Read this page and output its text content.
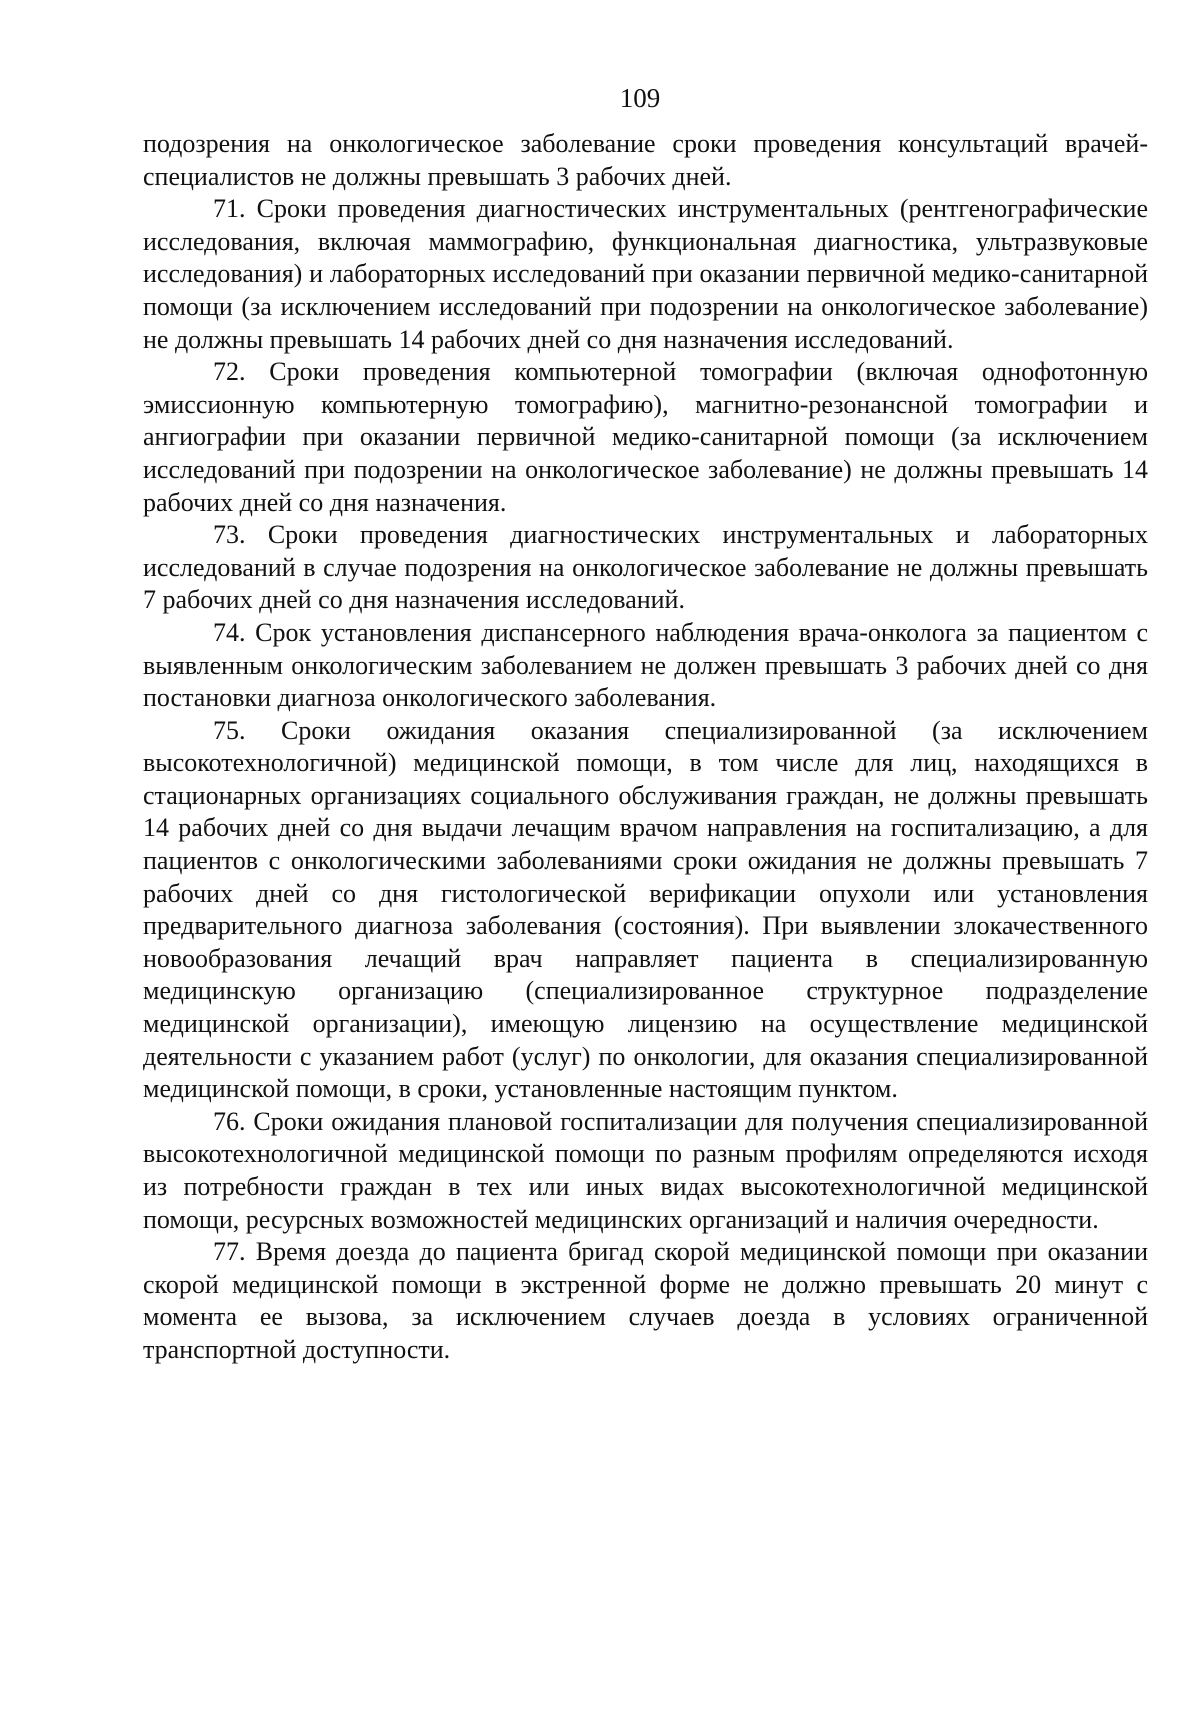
109

подозрения на онкологическое заболевание сроки проведения консультаций врачей-специалистов не должны превышать 3 рабочих дней.

71. Сроки проведения диагностических инструментальных (рентгенографические исследования, включая маммографию, функциональная диагностика, ультразвуковые исследования) и лабораторных исследований при оказании первичной медико-санитарной помощи (за исключением исследований при подозрении на онкологическое заболевание) не должны превышать 14 рабочих дней со дня назначения исследований.

72. Сроки проведения компьютерной томографии (включая однофотонную эмиссионную компьютерную томографию), магнитно-резонансной томографии и ангиографии при оказании первичной медико-санитарной помощи (за исключением исследований при подозрении на онкологическое заболевание) не должны превышать 14 рабочих дней со дня назначения.

73. Сроки проведения диагностических инструментальных и лабораторных исследований в случае подозрения на онкологическое заболевание не должны превышать 7 рабочих дней со дня назначения исследований.

74. Срок установления диспансерного наблюдения врача-онколога за пациентом с выявленным онкологическим заболеванием не должен превышать 3 рабочих дней со дня постановки диагноза онкологического заболевания.

75. Сроки ожидания оказания специализированной (за исключением высокотехнологичной) медицинской помощи, в том числе для лиц, находящихся в стационарных организациях социального обслуживания граждан, не должны превышать 14 рабочих дней со дня выдачи лечащим врачом направления на госпитализацию, а для пациентов с онкологическими заболеваниями сроки ожидания не должны превышать 7 рабочих дней со дня гистологической верификации опухоли или установления предварительного диагноза заболевания (состояния). При выявлении злокачественного новообразования лечащий врач направляет пациента в специализированную медицинскую организацию (специализированное структурное подразделение медицинской организации), имеющую лицензию на осуществление медицинской деятельности с указанием работ (услуг) по онкологии, для оказания специализированной медицинской помощи, в сроки, установленные настоящим пунктом.

76. Сроки ожидания плановой госпитализации для получения специализированной высокотехнологичной медицинской помощи по разным профилям определяются исходя из потребности граждан в тех или иных видах высокотехнологичной медицинской помощи, ресурсных возможностей медицинских организаций и наличия очередности.

77. Время доезда до пациента бригад скорой медицинской помощи при оказании скорой медицинской помощи в экстренной форме не должно превышать 20 минут с момента ее вызова, за исключением случаев доезда в условиях ограниченной транспортной доступности.
